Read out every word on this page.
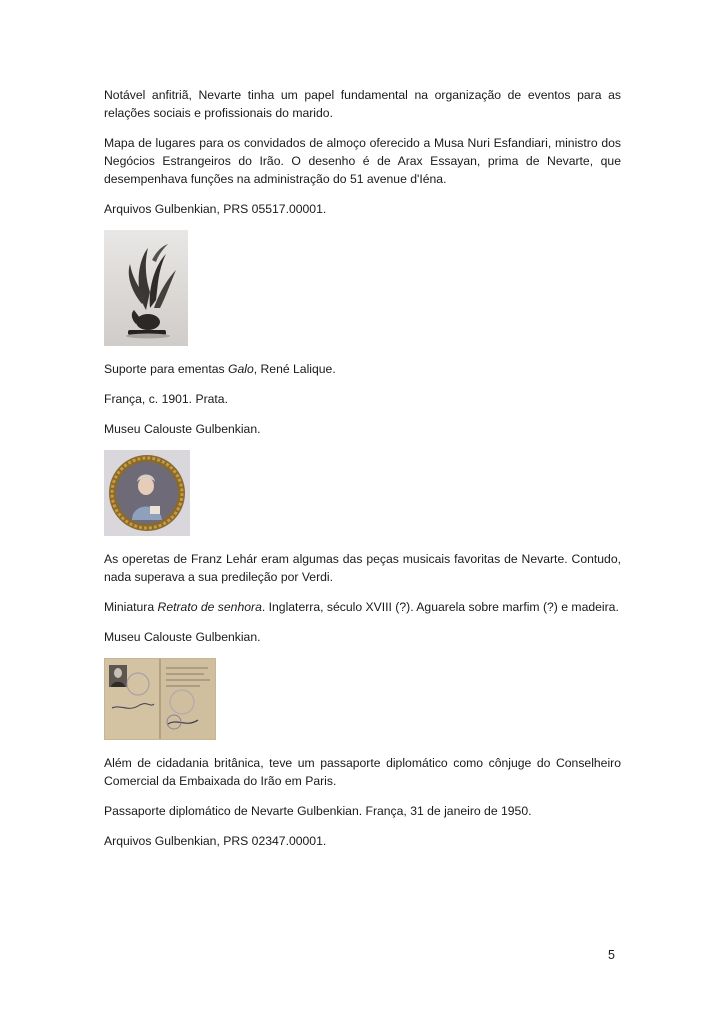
Notável anfitriã, Nevarte tinha um papel fundamental na organização de eventos para as relações sociais e profissionais do marido.

Mapa de lugares para os convidados de almoço oferecido a Musa Nuri Esfandiari, ministro dos Negócios Estrangeiros do Irão. O desenho é de Arax Essayan, prima de Nevarte, que desempenhava funções na administração do 51 avenue d'Iéna.

Arquivos Gulbenkian, PRS 05517.00001.

Suporte para ementas Galo, René Lalique.

França, c. 1901. Prata.

Museu Calouste Gulbenkian.

As operetas de Franz Lehár eram algumas das peças musicais favoritas de Nevarte. Contudo, nada superava a sua predileção por Verdi.

Miniatura Retrato de senhora. Inglaterra, século XVIII (?). Aguarela sobre marfim (?) e madeira.

Museu Calouste Gulbenkian.

Além de cidadania britânica, teve um passaporte diplomático como cônjuge do Conselheiro Comercial da Embaixada do Irão em Paris.

Passaporte diplomático de Nevarte Gulbenkian. França, 31 de janeiro de 1950.

Arquivos Gulbenkian, PRS 02347.00001.

5
